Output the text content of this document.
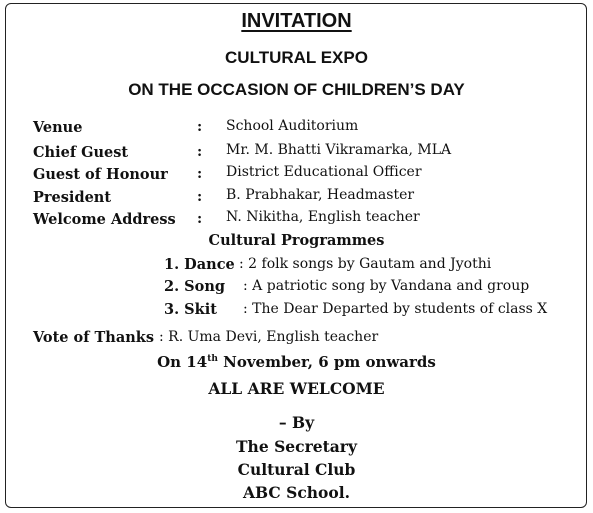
INVITATION
CULTURAL EXPO
ON THE OCCASION OF CHILDREN’S DAY
Venue	: School Auditorium
Chief Guest	: Mr. M. Bhatti Vikramarka, MLA
Guest of Honour : District Educational Officer
President	: B. Prabhakar, Headmaster
Welcome Address : N. Nikitha, English teacher
Cultural Programmes
1. Dance : 2 folk songs by Gautam and Jyothi
2. Song : A patriotic song by Vandana and group
3. Skit : The Dear Departed by students of class X
Vote of Thanks : R. Uma Devi, English teacher
On 14th November, 6 pm onwards
ALL ARE WELCOME
– By
The Secretary
Cultural Club
ABC School.
